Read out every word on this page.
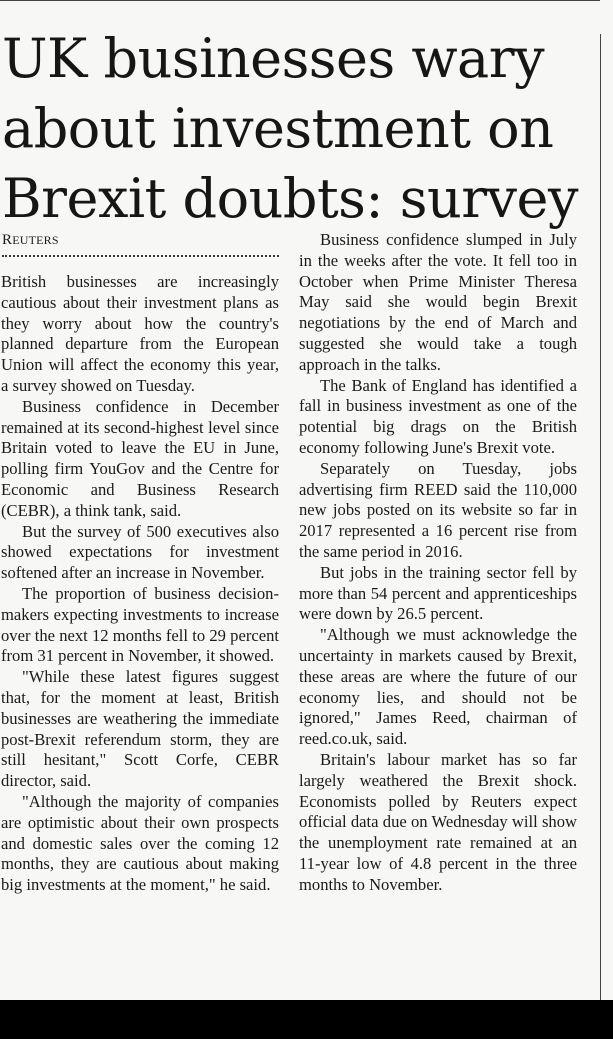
UK businesses wary
about investment on
Brexit doubts: survey
REUTERS

British businesses are increasingly cautious about their investment plans as they worry about how the country's planned departure from the European Union will affect the economy this year, a survey showed on Tuesday.

Business confidence in December remained at its second-highest level since Britain voted to leave the EU in June, polling firm YouGov and the Centre for Economic and Business Research (CEBR), a think tank, said.

But the survey of 500 executives also showed expectations for investment softened after an increase in November.

The proportion of business decision-makers expecting investments to increase over the next 12 months fell to 29 percent from 31 percent in November, it showed.

"While these latest figures suggest that, for the moment at least, British businesses are weathering the immediate post-Brexit referendum storm, they are still hesitant," Scott Corfe, CEBR director, said.

"Although the majority of companies are optimistic about their own prospects and domestic sales over the coming 12 months, they are cautious about making big investments at the moment," he said.

Business confidence slumped in July in the weeks after the vote. It fell too in October when Prime Minister Theresa May said she would begin Brexit negotiations by the end of March and suggested she would take a tough approach in the talks.

The Bank of England has identified a fall in business investment as one of the potential big drags on the British economy following June's Brexit vote.

Separately on Tuesday, jobs advertising firm REED said the 110,000 new jobs posted on its website so far in 2017 represented a 16 percent rise from the same period in 2016.

But jobs in the training sector fell by more than 54 percent and apprenticeships were down by 26.5 percent.

"Although we must acknowledge the uncertainty in markets caused by Brexit, these areas are where the future of our economy lies, and should not be ignored," James Reed, chairman of reed.co.uk, said.

Britain's labour market has so far largely weathered the Brexit shock. Economists polled by Reuters expect official data due on Wednesday will show the unemployment rate remained at an 11-year low of 4.8 percent in the three months to November.
